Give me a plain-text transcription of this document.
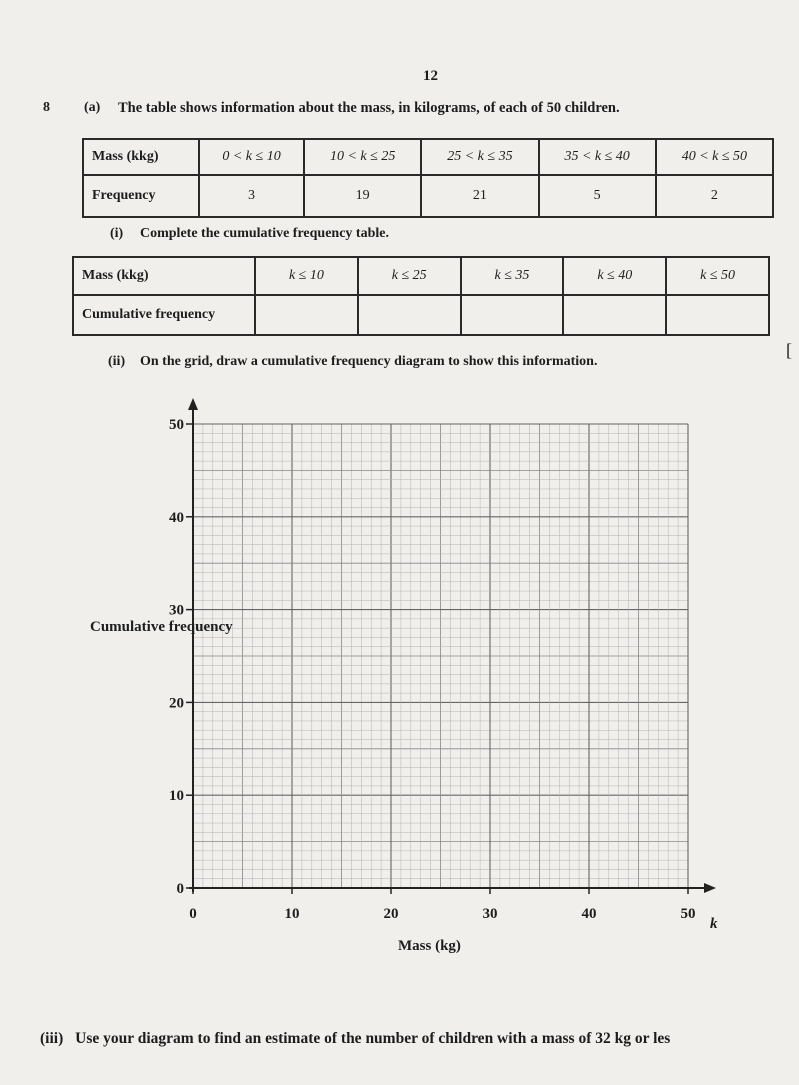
12
8 (a) The table shows information about the mass, in kilograms, of each of 50 children.
Mass (kkg)	0 < k ≤ 10	10 < k ≤ 25	25 < k ≤ 35	35 < k ≤ 40	40 < k ≤ 50
Frequency	3	19	21	5	2
(i) Complete the cumulative frequency table.
Mass (kkg)	k ≤ 10	k ≤ 25	k ≤ 35	k ≤ 40	k ≤ 50
Cumulative frequency					
[
(ii) On the grid, draw a cumulative frequency diagram to show this information.
0	10	20	30	40	50
0
10
20
30
40
50
Cumulative frequency
Mass (kg)
k
(iii) Use your diagram to find an estimate of the number of children with a mass of 32 kg or les
